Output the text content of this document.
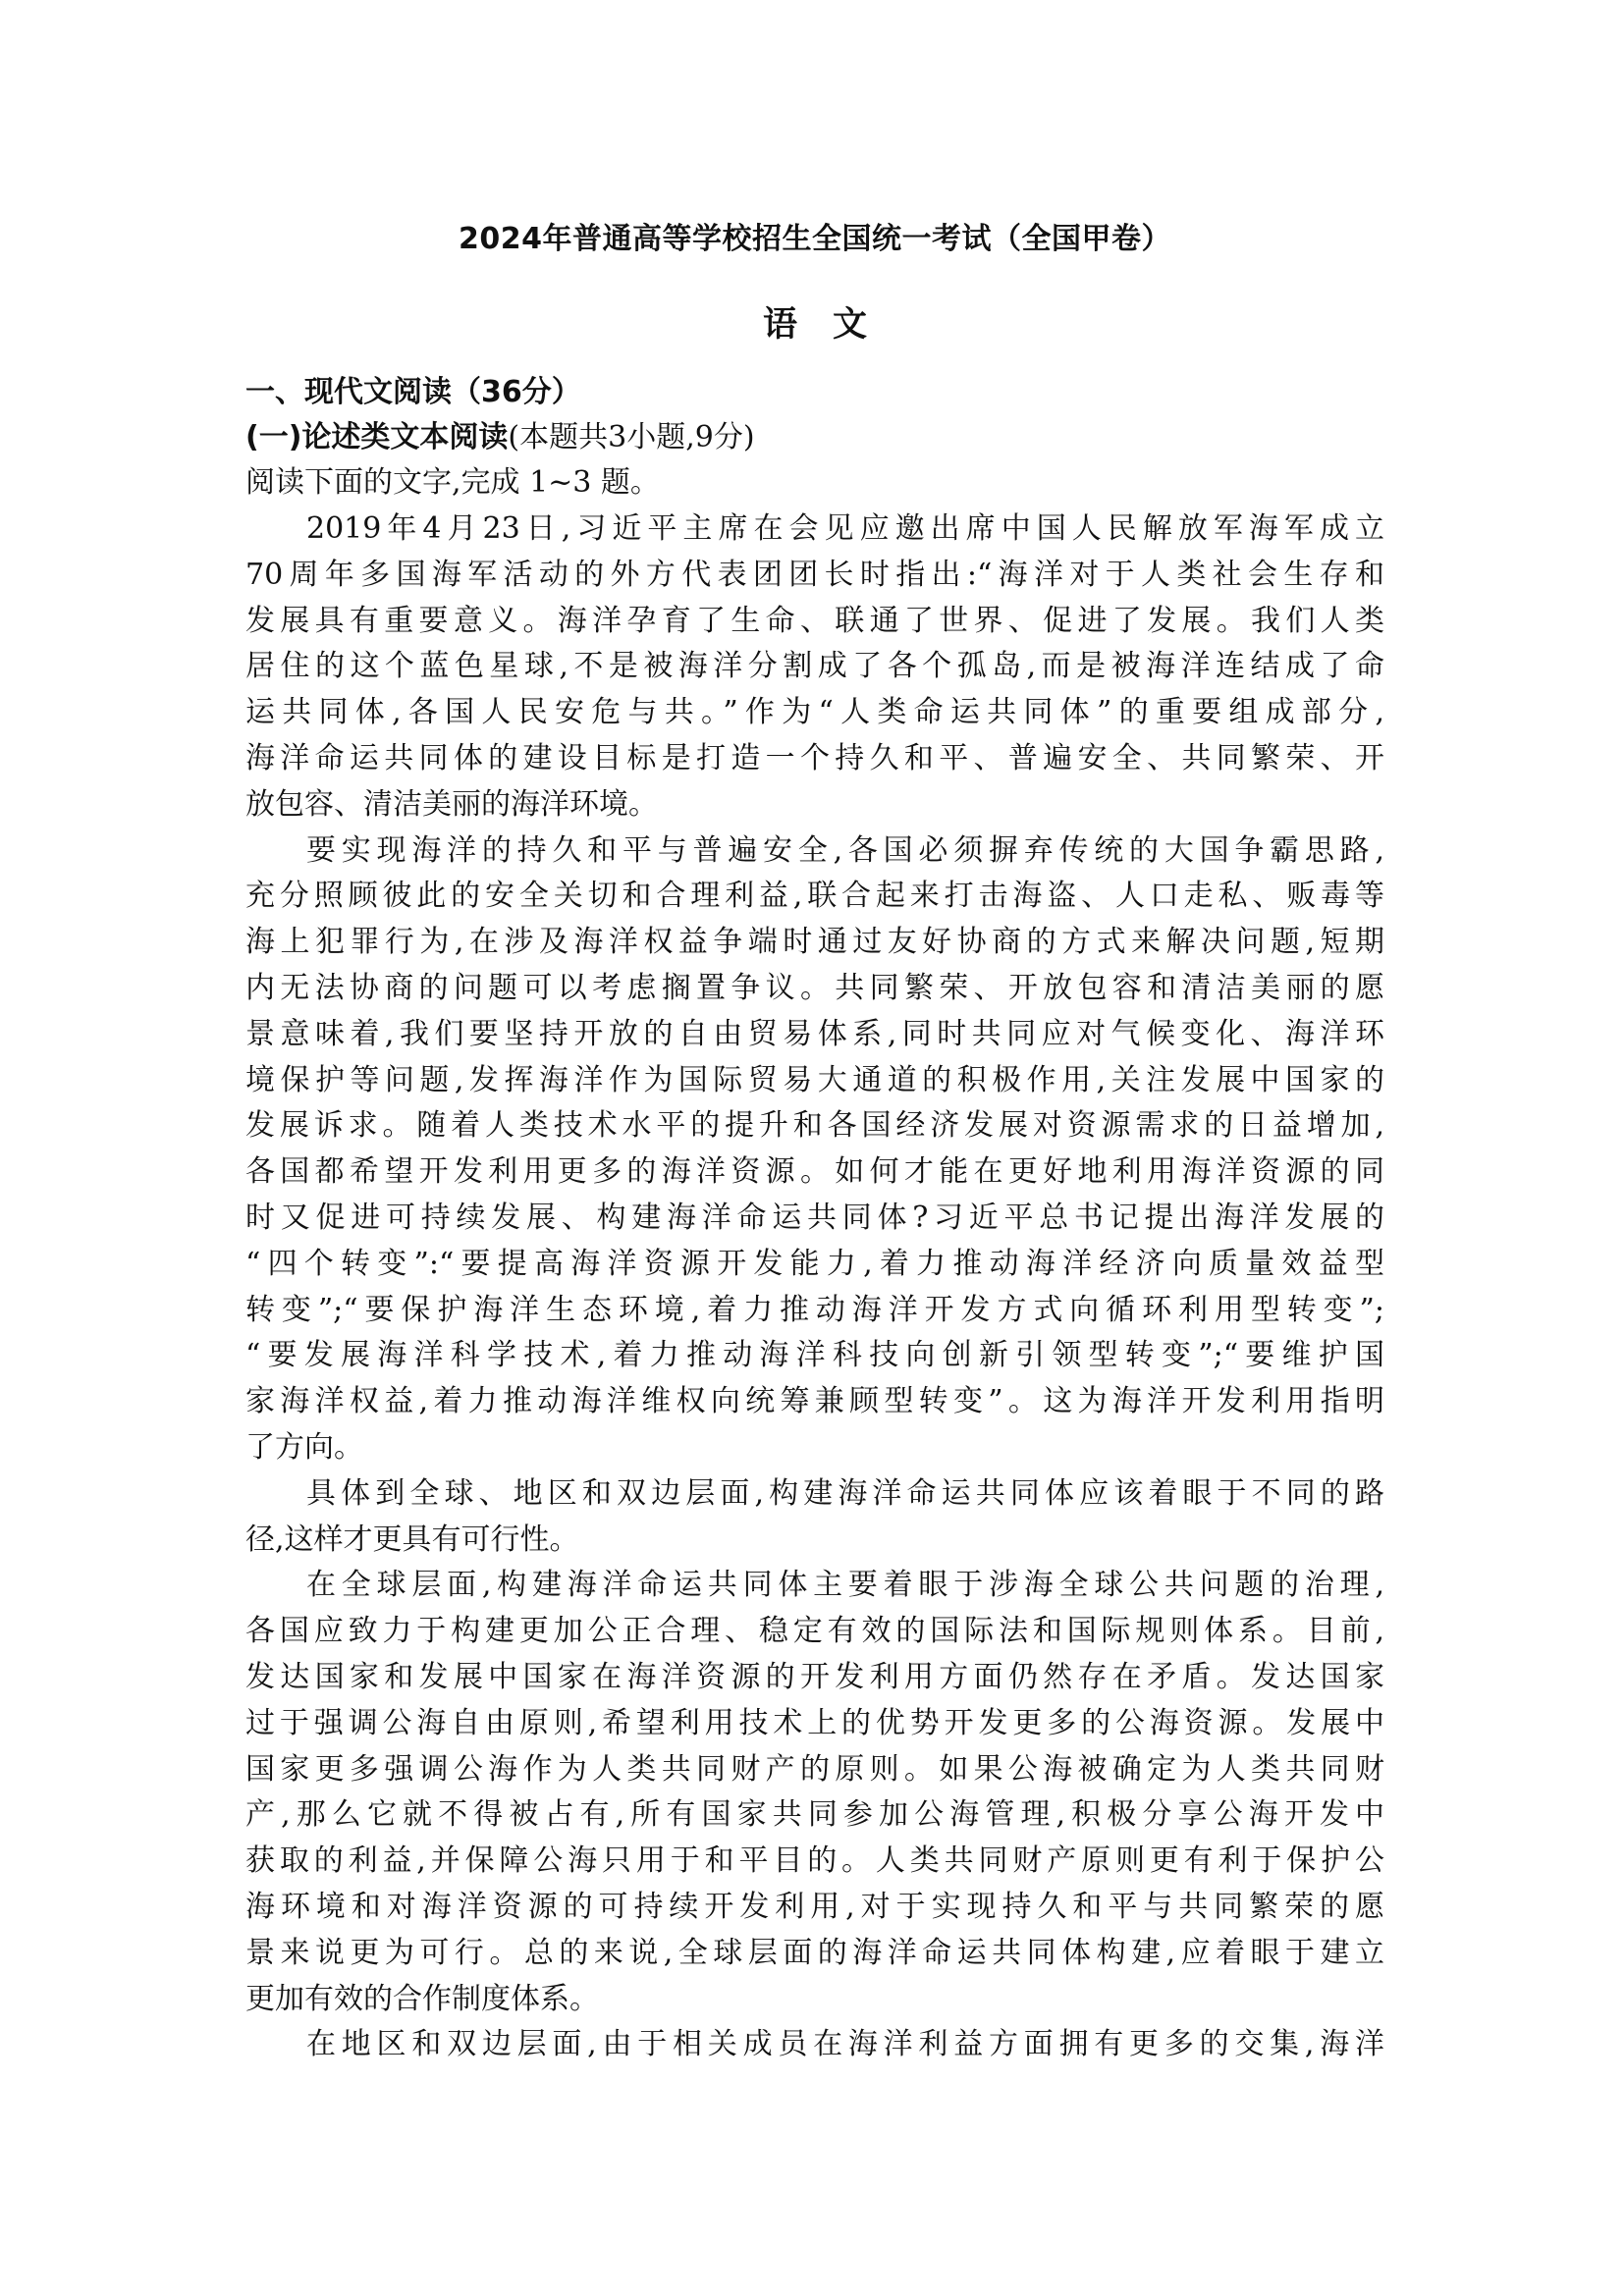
2024年普通高等学校招生全国统一考试（全国甲卷）
语文
一、现代文阅读（36分）
(一)论述类文本阅读(本题共3小题,9分)
阅读下面的文字,完成 1~3 题。
2019年4月23日,习近平主席在会见应邀出席中国人民解放军海军成立
70周年多国海军活动的外方代表团团长时指出:“海洋对于人类社会生存和
发展具有重要意义。海洋孕育了生命、联通了世界、促进了发展。我们人类
居住的这个蓝色星球,不是被海洋分割成了各个孤岛,而是被海洋连结成了命
运共同体,各国人民安危与共。”作为“人类命运共同体”的重要组成部分,
海洋命运共同体的建设目标是打造一个持久和平、普遍安全、共同繁荣、开
放包容、清洁美丽的海洋环境。
要实现海洋的持久和平与普遍安全,各国必须摒弃传统的大国争霸思路,
充分照顾彼此的安全关切和合理利益,联合起来打击海盗、人口走私、贩毒等
海上犯罪行为,在涉及海洋权益争端时通过友好协商的方式来解决问题,短期
内无法协商的问题可以考虑搁置争议。共同繁荣、开放包容和清洁美丽的愿
景意味着,我们要坚持开放的自由贸易体系,同时共同应对气候变化、海洋环
境保护等问题,发挥海洋作为国际贸易大通道的积极作用,关注发展中国家的
发展诉求。随着人类技术水平的提升和各国经济发展对资源需求的日益增加,
各国都希望开发利用更多的海洋资源。如何才能在更好地利用海洋资源的同
时又促进可持续发展、构建海洋命运共同体?习近平总书记提出海洋发展的
“四个转变”:“要提高海洋资源开发能力,着力推动海洋经济向质量效益型
转变”;“要保护海洋生态环境,着力推动海洋开发方式向循环利用型转变”;
“要发展海洋科学技术,着力推动海洋科技向创新引领型转变”;“要维护国
家海洋权益,着力推动海洋维权向统筹兼顾型转变”。这为海洋开发利用指明
了方向。
具体到全球、地区和双边层面,构建海洋命运共同体应该着眼于不同的路
径,这样才更具有可行性。
在全球层面,构建海洋命运共同体主要着眼于涉海全球公共问题的治理,
各国应致力于构建更加公正合理、稳定有效的国际法和国际规则体系。目前,
发达国家和发展中国家在海洋资源的开发利用方面仍然存在矛盾。发达国家
过于强调公海自由原则,希望利用技术上的优势开发更多的公海资源。发展中
国家更多强调公海作为人类共同财产的原则。如果公海被确定为人类共同财
产,那么它就不得被占有,所有国家共同参加公海管理,积极分享公海开发中
获取的利益,并保障公海只用于和平目的。人类共同财产原则更有利于保护公
海环境和对海洋资源的可持续开发利用,对于实现持久和平与共同繁荣的愿
景来说更为可行。总的来说,全球层面的海洋命运共同体构建,应着眼于建立
更加有效的合作制度体系。
在地区和双边层面,由于相关成员在海洋利益方面拥有更多的交集,海洋
